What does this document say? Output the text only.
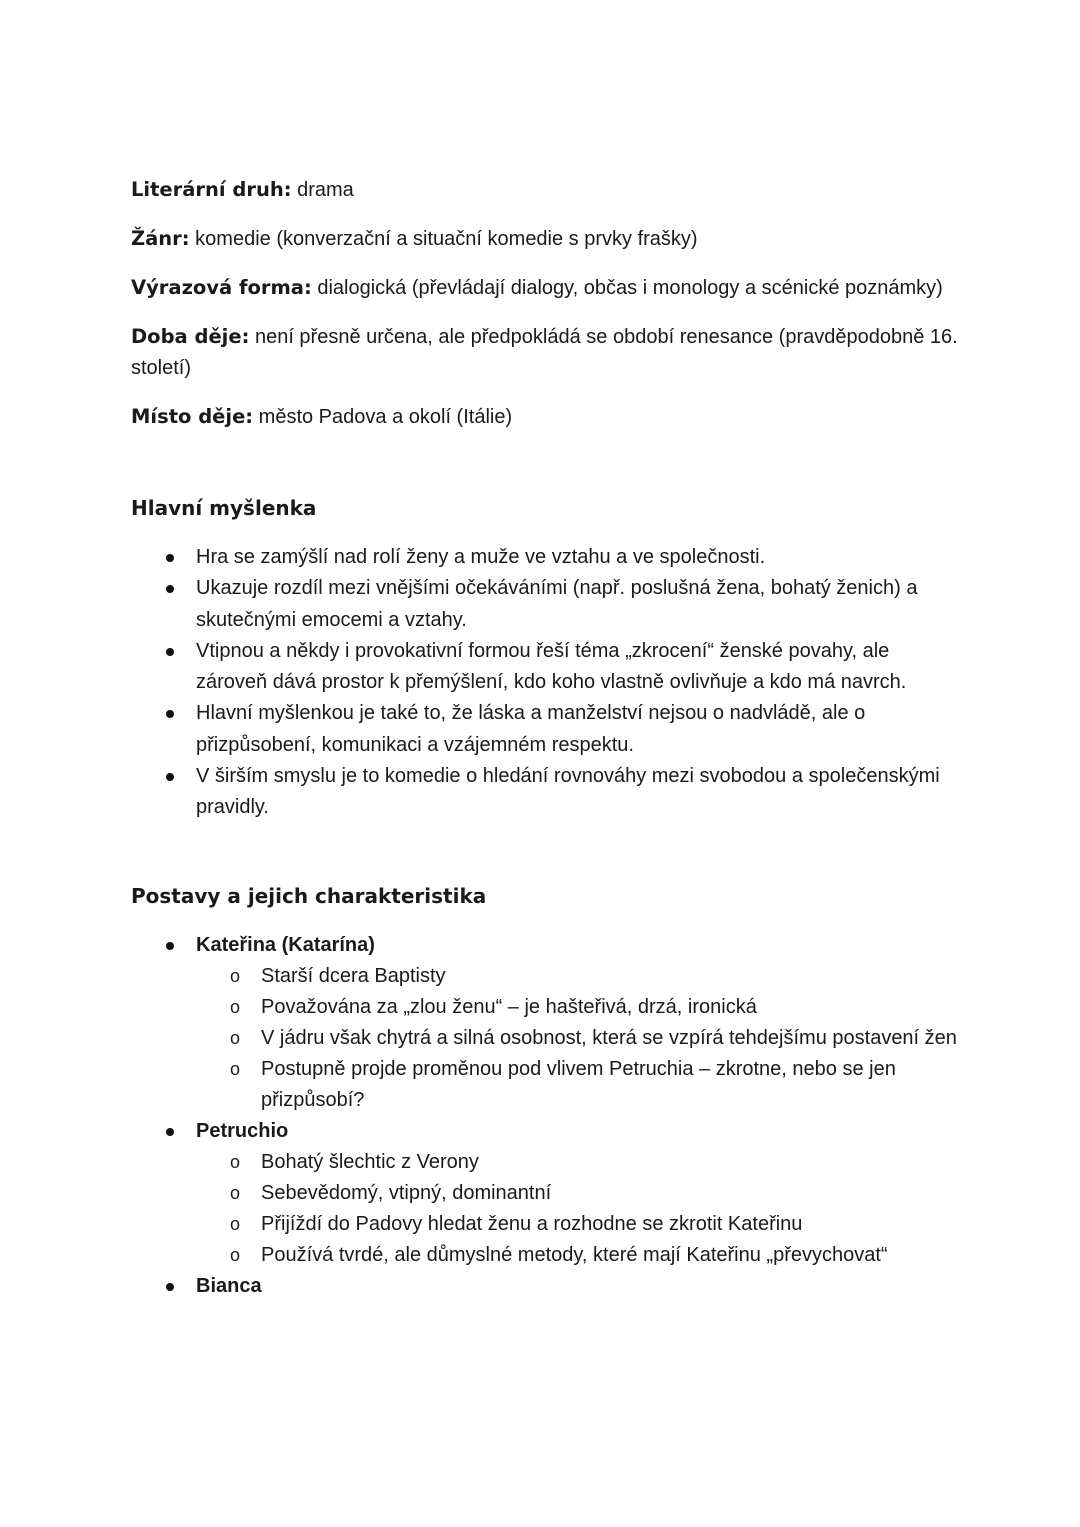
Literární druh: drama

Žánr: komedie (konverzační a situační komedie s prvky frašky)

Výrazová forma: dialogická (převládají dialogy, občas i monology a scénické poznámky)

Doba děje: není přesně určena, ale předpokládá se období renesance (pravděpodobně 16. století)

Místo děje: město Padova a okolí (Itálie)

Hlavní myšlenka
Hra se zamýšlí nad rolí ženy a muže ve vztahu a ve společnosti.
Ukazuje rozdíl mezi vnějšími očekáváními (např. poslušná žena, bohatý ženich) a skutečnými emocemi a vztahy.
Vtipnou a někdy i provokativní formou řeší téma „zkrocení“ ženské povahy, ale zároveň dává prostor k přemýšlení, kdo koho vlastně ovlivňuje a kdo má navrch.
Hlavní myšlenkou je také to, že láska a manželství nejsou o nadvládě, ale o přizpůsobení, komunikaci a vzájemném respektu.
V širším smyslu je to komedie o hledání rovnováhy mezi svobodou a společenskými pravidly.
Postavy a jejich charakteristika
Kateřina (Katarína)
o Starší dcera Baptisty
o Považována za „zlou ženu“ – je hašteřivá, drzá, ironická
o V jádru však chytrá a silná osobnost, která se vzpírá tehdejšímu postavení žen
o Postupně projde proměnou pod vlivem Petruchia – zkrotne, nebo se jen přizpůsobí?
Petruchio
o Bohatý šlechtic z Verony
o Sebevědomý, vtipný, dominantní
o Přijíždí do Padovy hledat ženu a rozhodne se zkrotit Kateřinu
o Používá tvrdé, ale důmyslné metody, které mají Kateřinu „převychovat“
Bianca
